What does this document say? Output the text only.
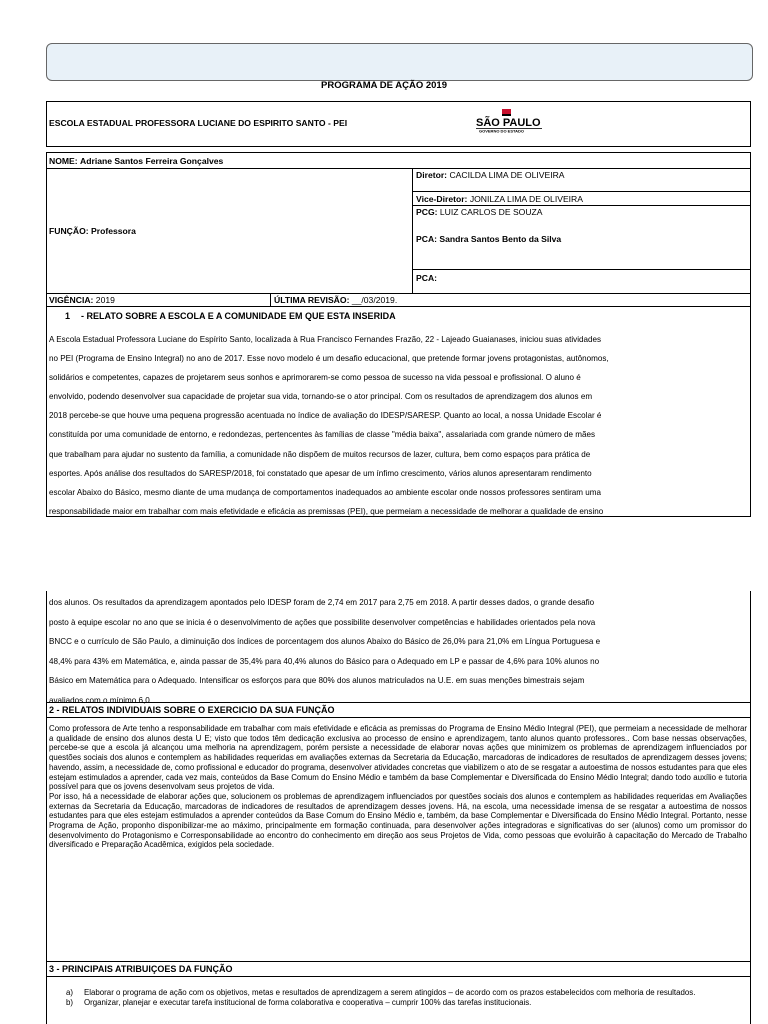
PROGRAMA DE AÇÃO 2019
ESCOLA ESTADUAL PROFESSORA LUCIANE DO ESPIRITO SANTO - PEI	SÃO PAULO
GOVERNO DO ESTADO
NOME: Adriane Santos Ferreira Gonçalves
FUNÇÃO: Professora
Diretor: CACILDA LIMA DE OLIVEIRA
Vice-Diretor: JONILZA LIMA DE OLIVEIRA
PCG: LUIZ CARLOS DE SOUZA
PCA: Sandra Santos Bento da Silva
PCA:
VIGÊNCIA: 2019	ÚLTIMA REVISÃO: __/03/2019.
1 - RELATO SOBRE A ESCOLA E A COMUNIDADE EM QUE ESTA INSERIDA
A Escola Estadual Professora Luciane do Espírito Santo, localizada à Rua Francisco Fernandes Frazão, 22 - Lajeado Guaianases, iniciou suas atividades
no PEI (Programa de Ensino Integral) no ano de 2017. Esse novo modelo é um desafio educacional, que pretende formar jovens protagonistas, autônomos,
solidários e competentes, capazes de projetarem seus sonhos e aprimorarem-se como pessoa de sucesso na vida pessoal e profissional. O aluno é
envolvido, podendo desenvolver sua capacidade de projetar sua vida, tornando-se o ator principal. Com os resultados de aprendizagem dos alunos em
2018 percebe-se que houve uma pequena progressão acentuada no índice de avaliação do IDESP/SARESP. Quanto ao local, a nossa Unidade Escolar é
constituída por uma comunidade de entorno, e redondezas, pertencentes às famílias de classe "média baixa", assalariada com grande número de mães
que trabalham para ajudar no sustento da família, a comunidade não dispõem de muitos recursos de lazer, cultura, bem como espaços para prática de
esportes. Após análise dos resultados do SARESP/2018, foi constatado que apesar de um ínfimo crescimento, vários alunos apresentaram rendimento
escolar Abaixo do Básico, mesmo diante de uma mudança de comportamentos inadequados ao ambiente escolar onde nossos professores sentiram uma
responsabilidade maior em trabalhar com mais efetividade e eficácia as premissas (PEI), que permeiam a necessidade de melhorar a qualidade de ensino
dos alunos. Os resultados da aprendizagem apontados pelo IDESP foram de 2,74 em 2017 para 2,75 em 2018. A partir desses dados, o grande desafio
posto à equipe escolar no ano que se inicia é o desenvolvimento de ações que possibilite desenvolver competências e habilidades orientados pela nova
BNCC e o currículo de São Paulo, a diminuição dos índices de porcentagem dos alunos Abaixo do Básico de 26,0% para 21,0% em Língua Portuguesa e
48,4% para 43% em Matemática, e, ainda passar de 35,4% para 40,4% alunos do Básico para o Adequado em LP e passar de 4,6% para 10% alunos no
Básico em Matemática para o Adequado. Intensificar os esforços para que 80% dos alunos matriculados na U.E. em suas menções bimestrais sejam
avaliados com o mínimo 6,0
2 - RELATOS INDIVIDUAIS SOBRE O EXERCICIO DA SUA FUNÇÃO
Como professora de Arte tenho a responsabilidade em trabalhar com mais efetividade e eficácia as premissas do Programa de Ensino Médio Integral (PEI), que permeiam a necessidade de melhorar a qualidade de ensino dos alunos desta U E; visto que todos têm dedicação exclusiva ao processo de ensino e aprendizagem, tanto alunos quanto professores.. Com base nessas observações, percebe-se que a escola já alcançou uma melhoria na aprendizagem, porém persiste a necessidade de elaborar novas ações que minimizem os problemas de aprendizagem influenciados por questões sociais dos alunos e contemplem as habilidades requeridas em avaliações externas da Secretaria da Educação, marcadoras de indicadores de resultados de aprendizagem desses jovens; havendo, assim, a necessidade de, como profissional e educador do programa, desenvolver atividades concretas que viabilizem o ato de se resgatar a autoestima de nossos estudantes para que eles estejam estimulados a aprender, cada vez mais, conteúdos da Base Comum do Ensino Médio e também da base Complementar e Diversificada do Ensino Médio Integral; dando todo auxílio e tutoria possível para que os jovens desenvolvam seus projetos de vida.
Por isso, há a necessidade de elaborar ações que, solucionem os problemas de aprendizagem influenciados por questões sociais dos alunos e contemplem as habilidades requeridas em Avaliações externas da Secretaria da Educação, marcadoras de indicadores de resultados de aprendizagem desses jovens. Há, na escola, uma necessidade imensa de se resgatar a autoestima de nossos estudantes para que eles estejam estimulados a aprender conteúdos da Base Comum do Ensino Médio e, também, da base Complementar e Diversificada do Ensino Médio Integral. Portanto, nesse Programa de Ação, proponho disponibilizar-me ao máximo, principalmente em formação continuada, para desenvolver ações integradoras e significativas do ser (alunos) como um promissor do desenvolvimento do Protagonismo e Corresponsabilidade ao encontro do conhecimento em direção aos seus Projetos de Vida, como pessoas que evoluirão à capacitação do Mercado de Trabalho diversificado e Preparação Acadêmica, exigidos pela sociedade.
3 - PRINCIPAIS ATRIBUIÇOES DA FUNÇÃO
a)	Elaborar o programa de ação com os objetivos, metas e resultados de aprendizagem a serem atingidos – de acordo com os prazos estabelecidos com melhoria de resultados.
b)	Organizar, planejar e executar tarefa institucional de forma colaborativa e cooperativa – cumprir 100% das tarefas institucionais.
